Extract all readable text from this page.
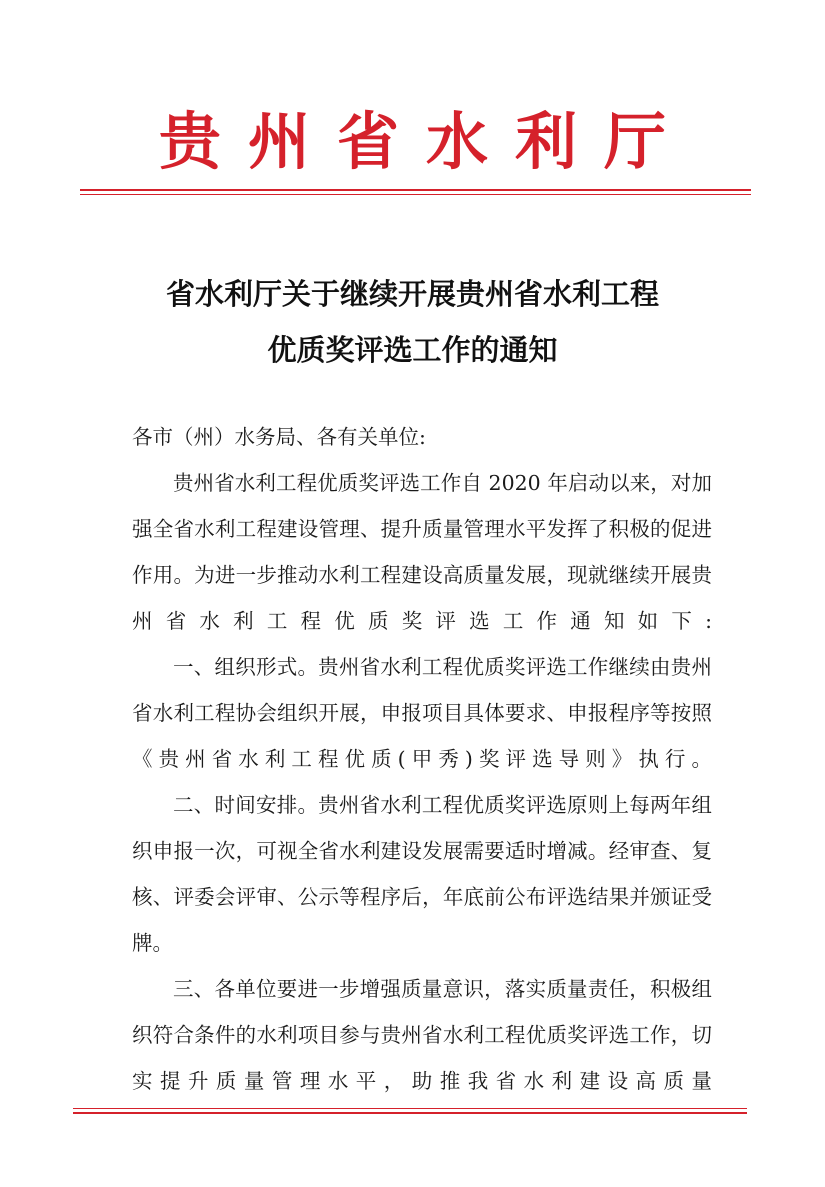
贵州省水利厅
省水利厅关于继续开展贵州省水利工程
优质奖评选工作的通知
各市（州）水务局、各有关单位:
贵州省水利工程优质奖评选工作自 2020 年启动以来，对加强全省水利工程建设管理、提升质量管理水平发挥了积极的促进作用。为进一步推动水利工程建设高质量发展，现就继续开展贵州省水利工程优质奖评选工作通知如下:
一、组织形式。贵州省水利工程优质奖评选工作继续由贵州省水利工程协会组织开展，申报项目具体要求、申报程序等按照《贵州省水利工程优质(甲秀)奖评选导则》执行。
二、时间安排。贵州省水利工程优质奖评选原则上每两年组织申报一次，可视全省水利建设发展需要适时增减。经审查、复核、评委会评审、公示等程序后，年底前公布评选结果并颁证受牌。
三、各单位要进一步增强质量意识，落实质量责任，积极组织符合条件的水利项目参与贵州省水利工程优质奖评选工作，切实提升质量管理水平，助推我省水利建设高质量
